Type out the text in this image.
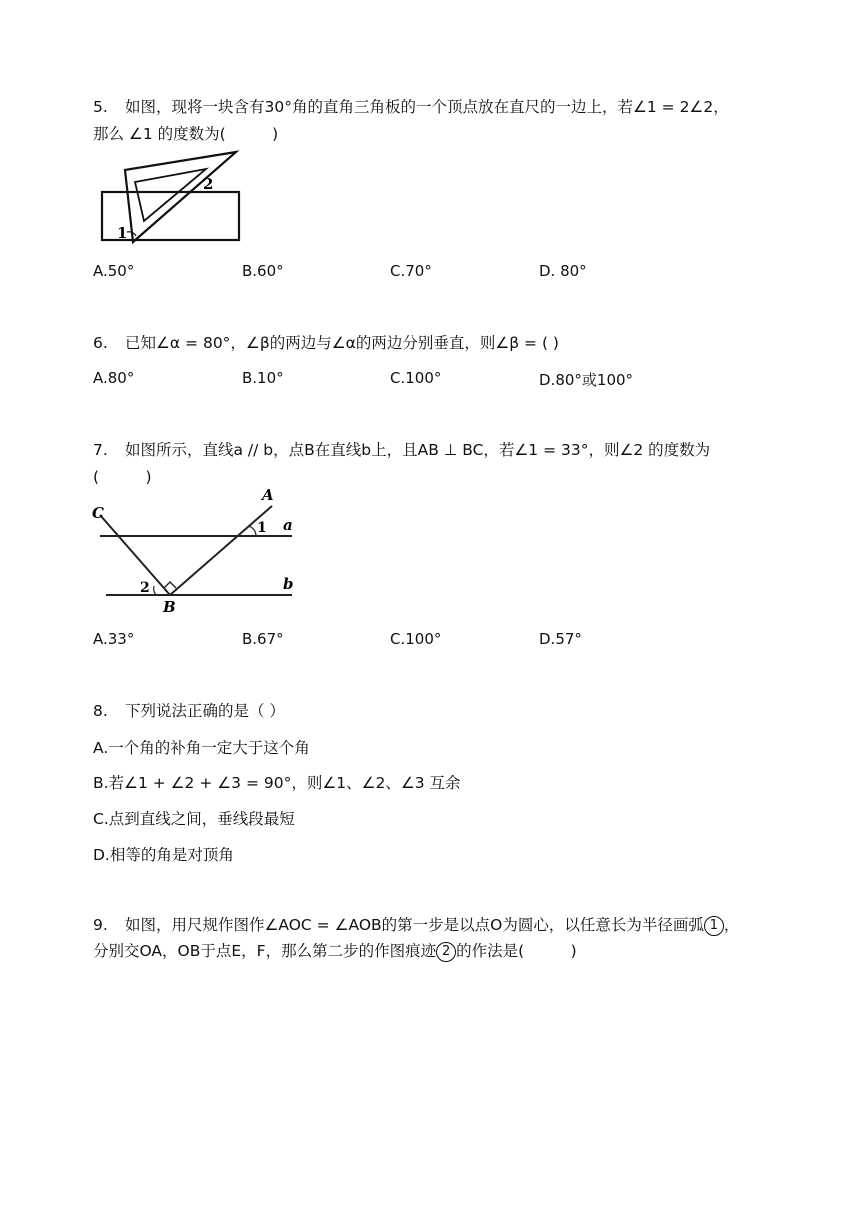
5. 如图，现将一块含有30°角的直角三角板的一个顶点放在直尺的一边上，若∠1 = 2∠2，
那么 ∠1 的度数为(　　　)
1
2
A.50°	B.60°	C.70°	D. 80°
6. 已知∠α = 80°，∠β的两边与∠α的两边分别垂直，则∠β = ( )
A.80°	B.10°	C.100°	D.80°或100°
7. 如图所示，直线a // b，点B在直线b上，且AB ⊥ BC，若∠1 = 33°，则∠2 的度数为
(　　　)
C
A
1 a
2
B
b
A.33°	B.67°	C.100°	D.57°
8. 下列说法正确的是（ ）
A.一个角的补角一定大于这个角
B.若∠1 + ∠2 + ∠3 = 90°，则∠1、∠2、∠3 互余
C.点到直线之间，垂线段最短
D.相等的角是对顶角
9. 如图，用尺规作图作∠AOC = ∠AOB的第一步是以点O为圆心，以任意长为半径画弧 1 ，
分别交OA，OB于点E，F，那么第二步的作图痕迹 2 的作法是(　　　)
